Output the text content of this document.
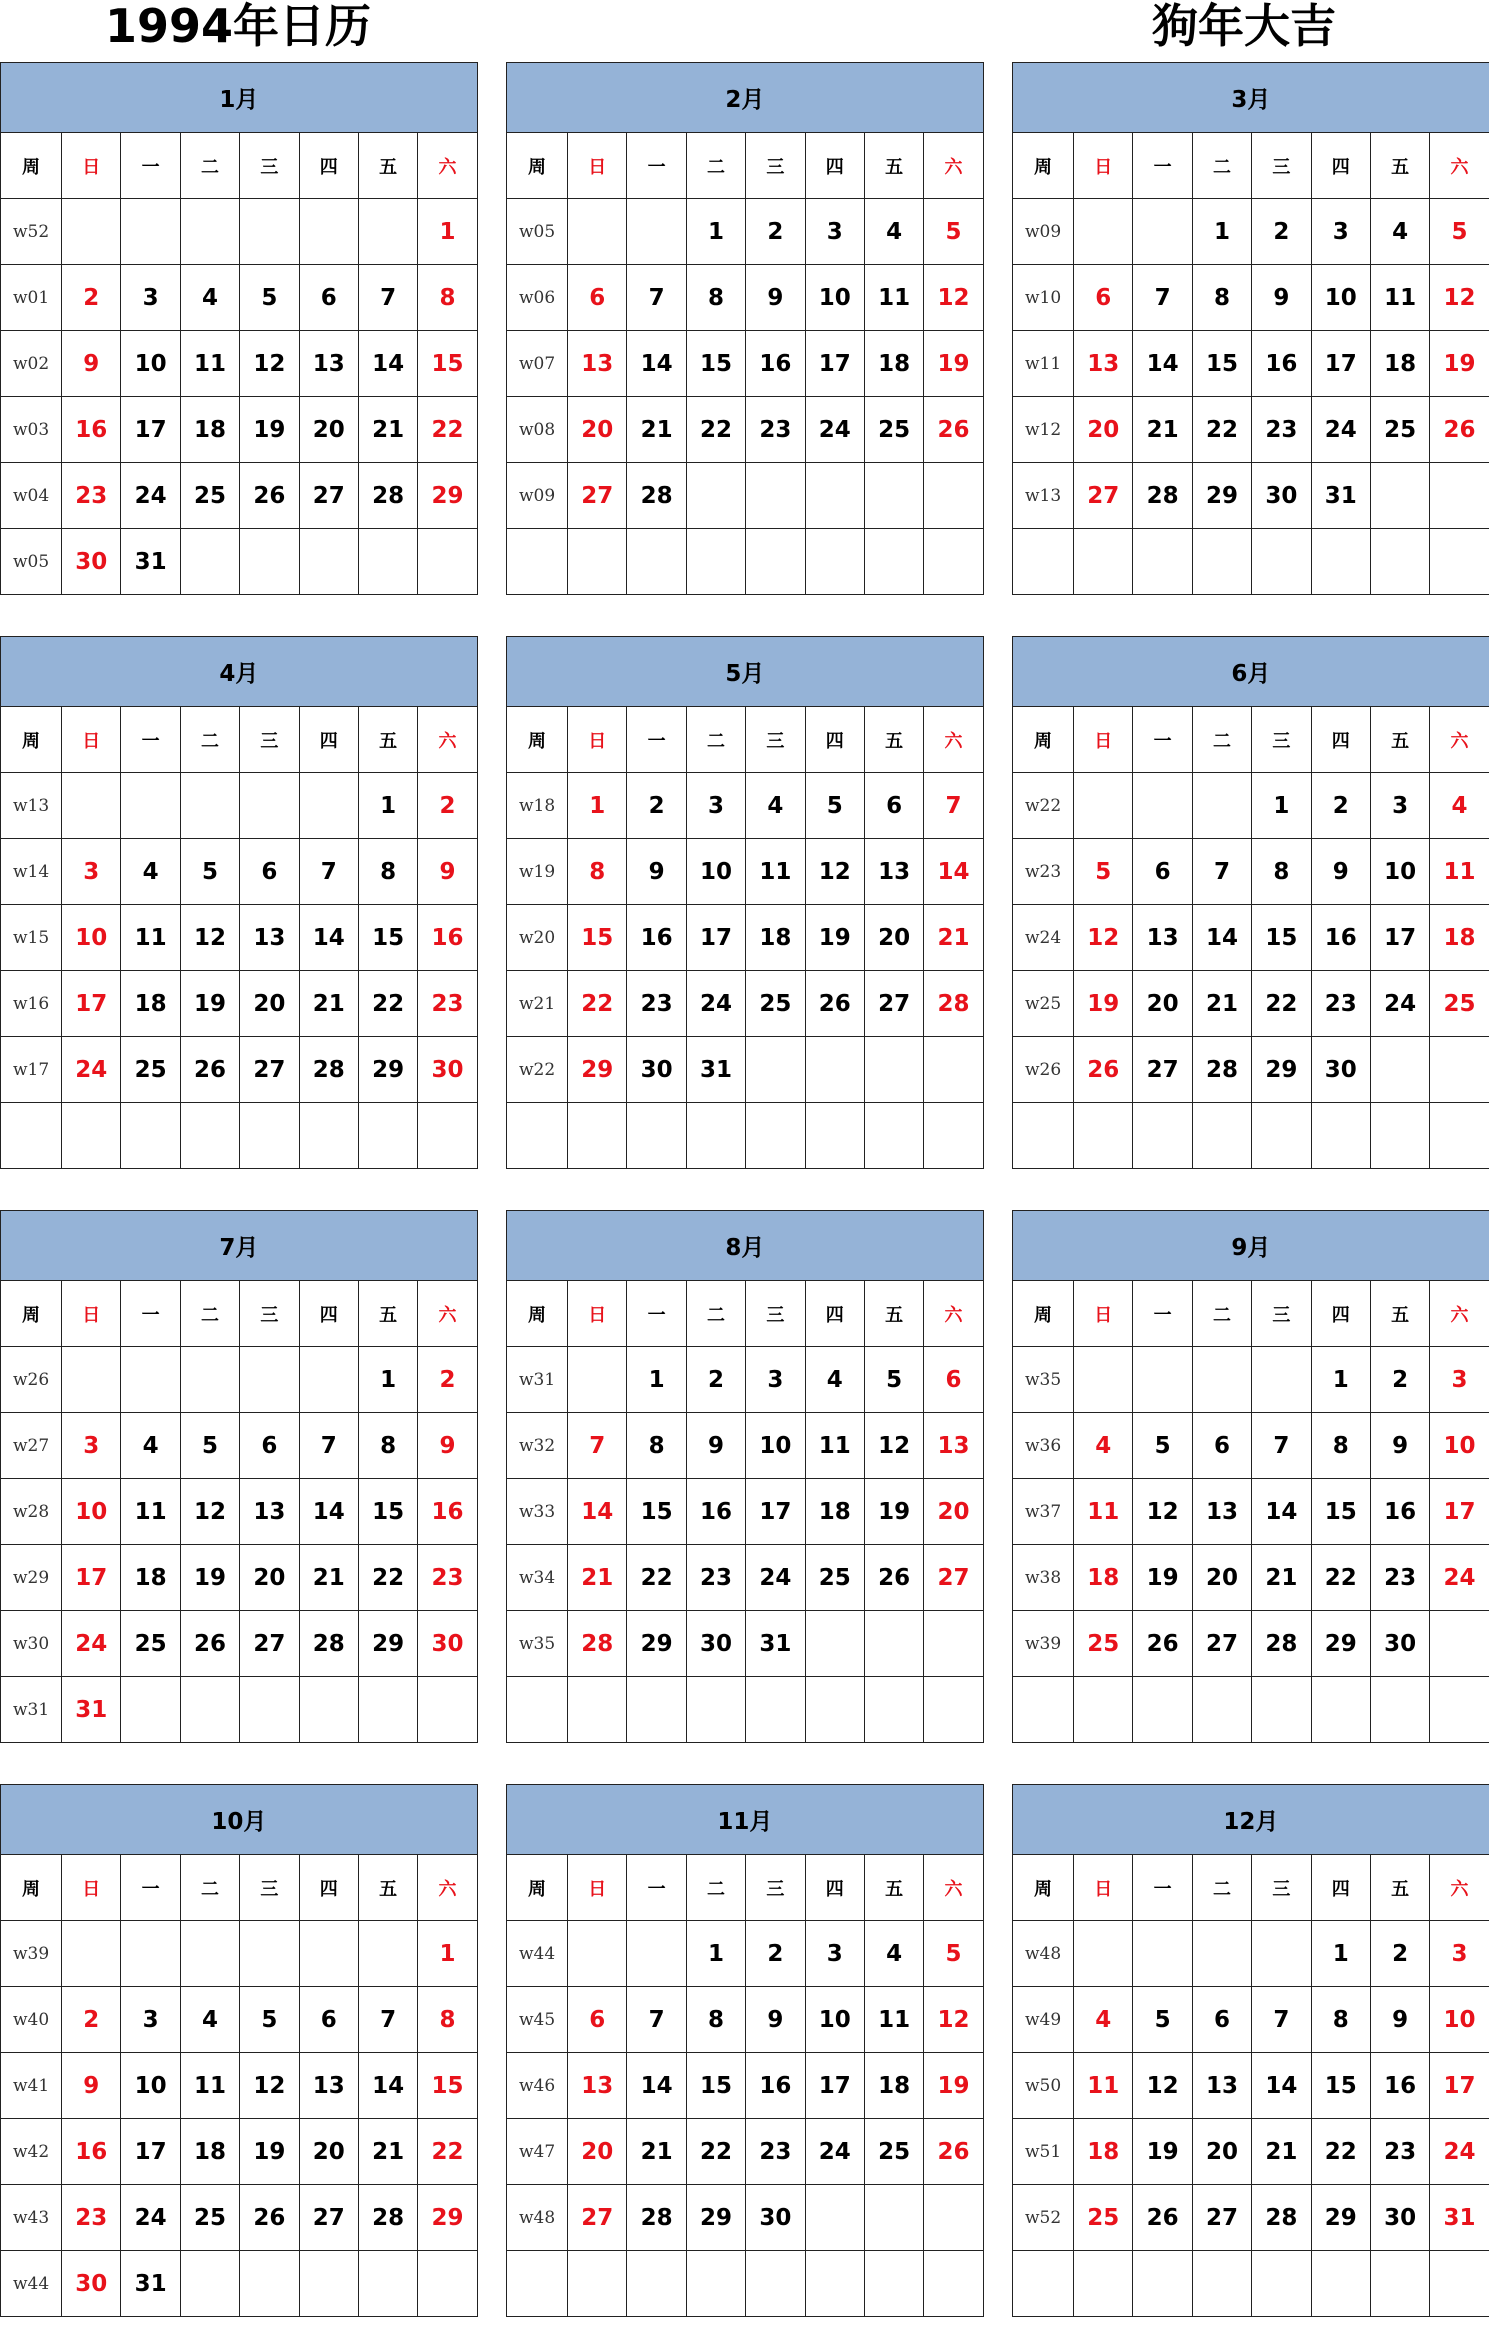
1994年日历	狗年大吉
1月							
周	日	一	二	三	四	五	六
w52							1
w01	2	3	4	5	6	7	8
w02	9	10	11	12	13	14	15
w03	16	17	18	19	20	21	22
w04	23	24	25	26	27	28	29
w05	30	31					
2月							
周	日	一	二	三	四	五	六
w05			1	2	3	4	5
w06	6	7	8	9	10	11	12
w07	13	14	15	16	17	18	19
w08	20	21	22	23	24	25	26
w09	27	28					

3月							
周	日	一	二	三	四	五	六
w09			1	2	3	4	5
w10	6	7	8	9	10	11	12
w11	13	14	15	16	17	18	19
w12	20	21	22	23	24	25	26
w13	27	28	29	30	31		

4月							
周	日	一	二	三	四	五	六
w13						1	2
w14	3	4	5	6	7	8	9
w15	10	11	12	13	14	15	16
w16	17	18	19	20	21	22	23
w17	24	25	26	27	28	29	30

5月							
周	日	一	二	三	四	五	六
w18	1	2	3	4	5	6	7
w19	8	9	10	11	12	13	14
w20	15	16	17	18	19	20	21
w21	22	23	24	25	26	27	28
w22	29	30	31				

6月							
周	日	一	二	三	四	五	六
w22				1	2	3	4
w23	5	6	7	8	9	10	11
w24	12	13	14	15	16	17	18
w25	19	20	21	22	23	24	25
w26	26	27	28	29	30		

7月							
周	日	一	二	三	四	五	六
w26						1	2
w27	3	4	5	6	7	8	9
w28	10	11	12	13	14	15	16
w29	17	18	19	20	21	22	23
w30	24	25	26	27	28	29	30
w31	31						
8月							
周	日	一	二	三	四	五	六
w31		1	2	3	4	5	6
w32	7	8	9	10	11	12	13
w33	14	15	16	17	18	19	20
w34	21	22	23	24	25	26	27
w35	28	29	30	31			

9月							
周	日	一	二	三	四	五	六
w35					1	2	3
w36	4	5	6	7	8	9	10
w37	11	12	13	14	15	16	17
w38	18	19	20	21	22	23	24
w39	25	26	27	28	29	30	

10月							
周	日	一	二	三	四	五	六
w39							1
w40	2	3	4	5	6	7	8
w41	9	10	11	12	13	14	15
w42	16	17	18	19	20	21	22
w43	23	24	25	26	27	28	29
w44	30	31					
11月							
周	日	一	二	三	四	五	六
w44			1	2	3	4	5
w45	6	7	8	9	10	11	12
w46	13	14	15	16	17	18	19
w47	20	21	22	23	24	25	26
w48	27	28	29	30			

12月							
周	日	一	二	三	四	五	六
w48					1	2	3
w49	4	5	6	7	8	9	10
w50	11	12	13	14	15	16	17
w51	18	19	20	21	22	23	24
w52	25	26	27	28	29	30	31
